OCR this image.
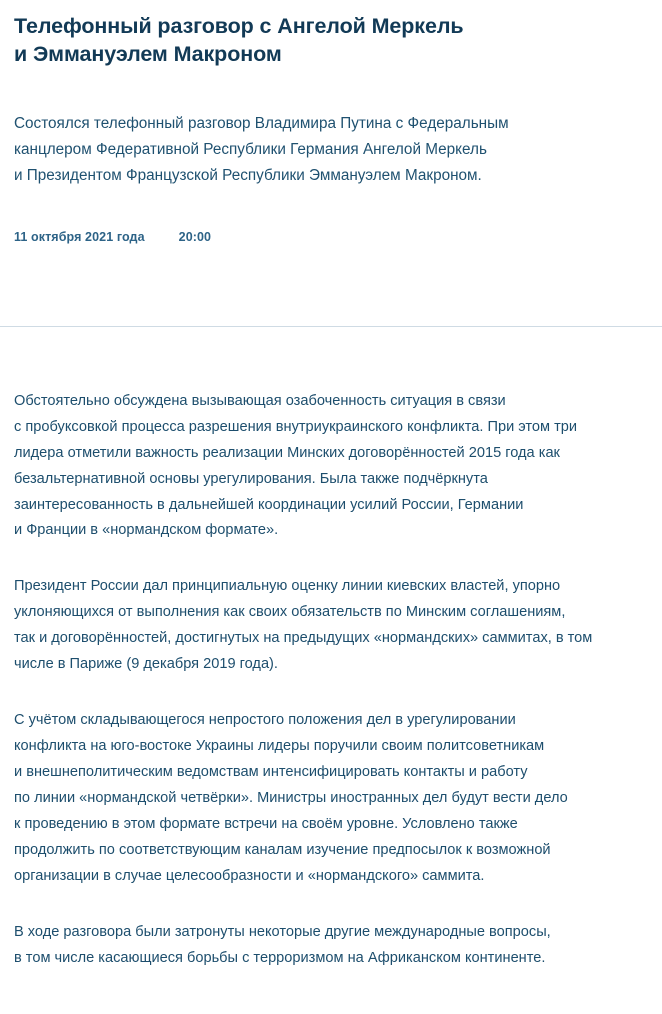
Телефонный разговор с Ангелой Меркель
и Эммануэлем Макроном
Состоялся телефонный разговор Владимира Путина с Федеральным
канцлером Федеративной Республики Германия Ангелой Меркель
и Президентом Французской Республики Эммануэлем Макроном.
11 октября 2021 года	20:00

Обстоятельно обсуждена вызывающая озабоченность ситуация в связи
с пробуксовкой процесса разрешения внутриукраинского конфликта. При этом три
лидера отметили важность реализации Минских договорённостей 2015 года как
безальтернативной основы урегулирования. Была также подчёркнута
заинтересованность в дальнейшей координации усилий России, Германии
и Франции в «нормандском формате».

Президент России дал принципиальную оценку линии киевских властей, упорно
уклоняющихся от выполнения как своих обязательств по Минским соглашениям,
так и договорённостей, достигнутых на предыдущих «нормандских» саммитах, в том
числе в Париже (9 декабря 2019 года).

С учётом складывающегося непростого положения дел в урегулировании
конфликта на юго-востоке Украины лидеры поручили своим политсоветникам
и внешнеполитическим ведомствам интенсифицировать контакты и работу
по линии «нормандской четвёрки». Министры иностранных дел будут вести дело
к проведению в этом формате встречи на своём уровне. Условлено также
продолжить по соответствующим каналам изучение предпосылок к возможной
организации в случае целесообразности и «нормандского» саммита.

В ходе разговора были затронуты некоторые другие международные вопросы,
в том числе касающиеся борьбы с терроризмом на Африканском континенте.
